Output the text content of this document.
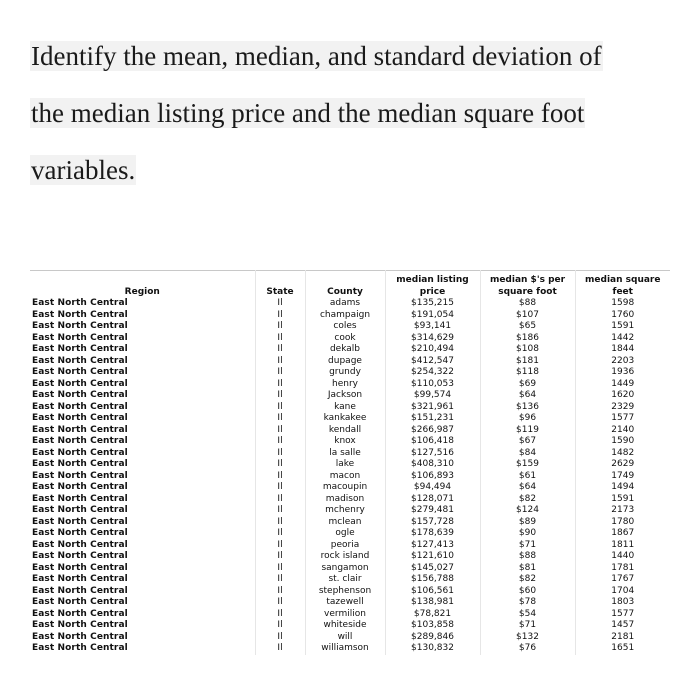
Identify the mean, median, and standard deviation of
the median listing price and the median square foot
variables.
Region	State	County	median listing price	median $'s per square foot	median square feet
East North Central	Il	adams	$135,215	$88	1598
East North Central	Il	champaign	$191,054	$107	1760
East North Central	Il	coles	$93,141	$65	1591
East North Central	Il	cook	$314,629	$186	1442
East North Central	Il	dekalb	$210,494	$108	1844
East North Central	Il	dupage	$412,547	$181	2203
East North Central	Il	grundy	$254,322	$118	1936
East North Central	Il	henry	$110,053	$69	1449
East North Central	Il	Jackson	$99,574	$64	1620
East North Central	Il	kane	$321,961	$136	2329
East North Central	Il	kankakee	$151,231	$96	1577
East North Central	Il	kendall	$266,987	$119	2140
East North Central	Il	knox	$106,418	$67	1590
East North Central	Il	la salle	$127,516	$84	1482
East North Central	Il	lake	$408,310	$159	2629
East North Central	Il	macon	$106,893	$61	1749
East North Central	Il	macoupin	$94,494	$64	1494
East North Central	Il	madison	$128,071	$82	1591
East North Central	Il	mchenry	$279,481	$124	2173
East North Central	Il	mclean	$157,728	$89	1780
East North Central	Il	ogle	$178,639	$90	1867
East North Central	Il	peoria	$127,413	$71	1811
East North Central	Il	rock island	$121,610	$88	1440
East North Central	Il	sangamon	$145,027	$81	1781
East North Central	Il	st. clair	$156,788	$82	1767
East North Central	Il	stephenson	$106,561	$60	1704
East North Central	Il	tazewell	$138,981	$78	1803
East North Central	Il	vermilion	$78,821	$54	1577
East North Central	Il	whiteside	$103,858	$71	1457
East North Central	Il	will	$289,846	$132	2181
East North Central	Il	williamson	$130,832	$76	1651
